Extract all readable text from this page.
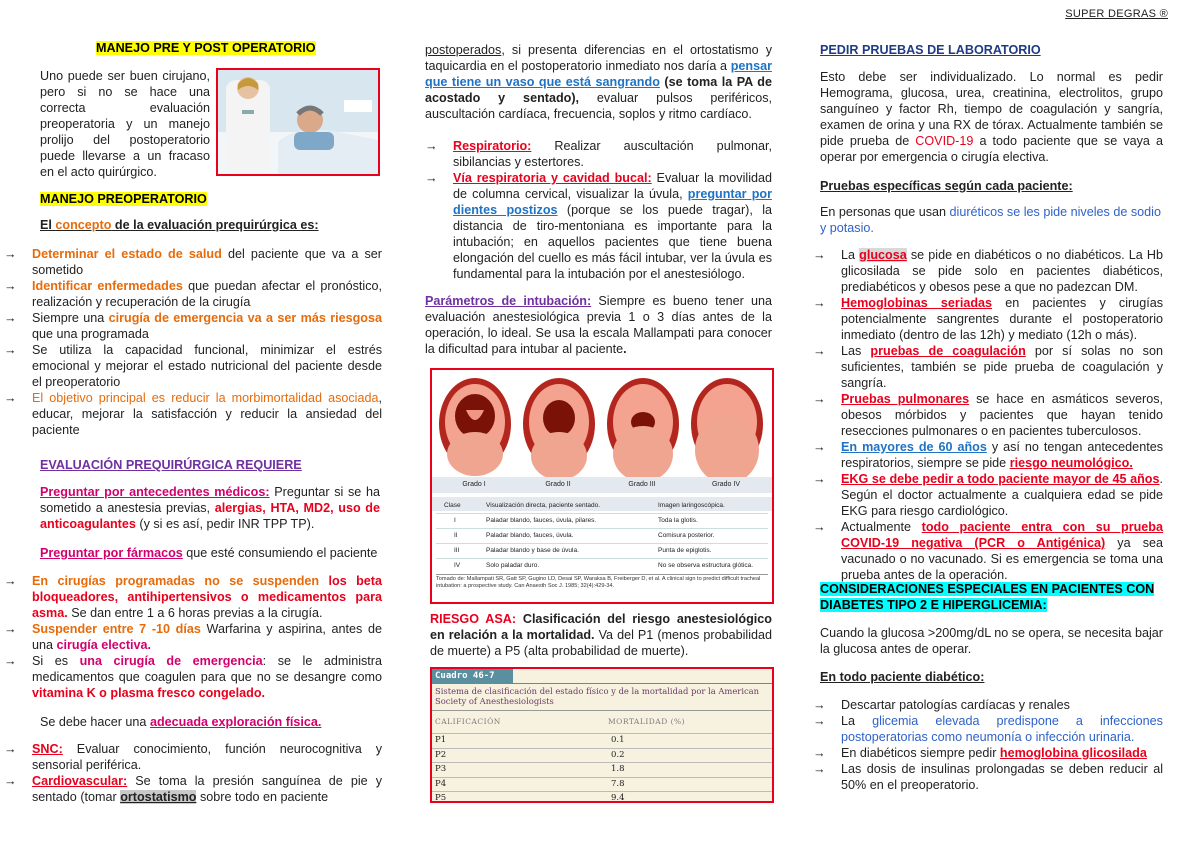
SUPER DEGRAS ®

MANEJO PRE Y POST OPERATORIO

Uno puede ser buen cirujano, pero si no se hace una correcta evaluación preoperatoria y un manejo prolijo del postoperatorio puede llevarse a un fracaso en el acto quirúrgico.

MANEJO PREOPERATORIO

El concepto de la evaluación prequirúrgica es:

→ Determinar el estado de salud del paciente que va a ser sometido
→ Identificar enfermedades que puedan afectar el pronóstico, realización y recuperación de la cirugía
→ Siempre una cirugía de emergencia va a ser más riesgosa que una programada
→ Se utiliza la capacidad funcional, minimizar el estrés emocional y mejorar el estado nutricional del paciente desde el preoperatorio
→ El objetivo principal es reducir la morbimortalidad asociada, educar, mejorar la satisfacción y reducir la ansiedad del paciente

EVALUACIÓN PREQUIRÚRGICA REQUIERE

Preguntar por antecedentes médicos: Preguntar si se ha sometido a anestesia previas, alergias, HTA, MD2, uso de anticoagulantes (y si es así, pedir INR TPP TP).

Preguntar por fármacos que esté consumiendo el paciente

→ En cirugías programadas no se suspenden los beta bloqueadores, antihipertensivos o medicamentos para asma. Se dan entre 1 a 6 horas previas a la cirugía.
→ Suspender entre 7 -10 días Warfarina y aspirina, antes de una cirugía electiva.
→ Si es una cirugía de emergencia: se le administra medicamentos que coagulen para que no se desangre como vitamina K o plasma fresco congelado.

Se debe hacer una adecuada exploración física.

→ SNC: Evaluar conocimiento, función neurocognitiva y sensorial periférica.
→ Cardiovascular: Se toma la presión sanguínea de pie y sentado (tomar ortostatismo sobre todo en paciente

postoperados, si presenta diferencias en el ortostatismo y taquicardia en el postoperatorio inmediato nos daría a pensar que tiene un vaso que está sangrando (se toma la PA de acostado y sentado), evaluar pulsos periféricos, auscultación cardíaca, frecuencia, soplos y ritmo cardíaco.

→ Respiratorio: Realizar auscultación pulmonar, sibilancias y estertores.
→ Vía respiratoria y cavidad bucal: Evaluar la movilidad de columna cervical, visualizar la úvula, preguntar por dientes postizos (porque se los puede tragar), la distancia de tiro-mentoniana es importante para la intubación; en aquellos pacientes que tiene buena elongación del cuello es más fácil intubar, ver la úvula es fundamental para la intubación por el anestesiólogo.

Parámetros de intubación: Siempre es bueno tener una evaluación anestesiológica previa 1 o 3 días antes de la operación, lo ideal. Se usa la escala Mallampati para conocer la dificultad para intubar al paciente.

RIESGO ASA: Clasificación del riesgo anestesiológico en relación a la mortalidad. Va del P1 (menos probabilidad de muerte) a P5 (alta probabilidad de muerte).

Grado I	Grado II	Grado III	Grado IV
Clase	Visualización directa, paciente sentado.	Imagen laringoscópica.
I	Paladar blando, fauces, úvula, pilares.	Toda la glotis.
II	Paladar blando, fauces, úvula.	Comisura posterior.
III	Paladar blando y base de úvula.	Punta de epiglotis.
IV	Solo paladar duro.	No se observa estructura glótica.
Tomado de: Mallampati SR, Gatt SP, Gugino LD, Desai SP, Waraksa B, Freiberger D, et al. A clinical sign to predict difficult tracheal intubation: a prospective study. Can Anaesth Soc J. 1985; 32(4):429-34.
Cuadro 46-7
Sistema de clasificación del estado físico y de la mortalidad por la American Society of Anesthesiologists
CALIFICACIÓN	MORTALIDAD (%)
P1	0.1
P2	0.2
P3	1.8
P4	7.8
P5	9.4

PEDIR PRUEBAS DE LABORATORIO

Esto debe ser individualizado. Lo normal es pedir Hemograma, glucosa, urea, creatinina, electrolitos, grupo sanguíneo y factor Rh, tiempo de coagulación y sangría, examen de orina y una RX de tórax. Actualmente también se pide prueba de COVID-19 a todo paciente que se vaya a operar por emergencia o cirugía electiva.

Pruebas específicas según cada paciente:

En personas que usan diuréticos se les pide niveles de sodio y potasio.

→ La glucosa se pide en diabéticos o no diabéticos. La Hb glicosilada se pide solo en pacientes diabéticos, prediabéticos y obesos pese a que no padezcan DM.
→ Hemoglobinas seriadas en pacientes y cirugías potencialmente sangrentes durante el postoperatorio inmediato (dentro de las 12h) y mediato (12h o más).
→ Las pruebas de coagulación por sí solas no son suficientes, también se pide prueba de coagulación y sangría.
→ Pruebas pulmonares se hace en asmáticos severos, obesos mórbidos y pacientes que hayan tenido resecciones pulmonares o en pacientes tuberculosos.
→ En mayores de 60 años y así no tengan antecedentes respiratorios, siempre se pide riesgo neumológico.
→ EKG se debe pedir a todo paciente mayor de 45 años. Según el doctor actualmente a cualquiera edad se pide EKG para riesgo cardiológico.
→ Actualmente todo paciente entra con su prueba COVID-19 negativa (PCR o Antigénica) ya sea vacunado o no vacunado. Si es emergencia se toma una prueba antes de la operación.

CONSIDERACIONES ESPECIALES EN PACIENTES CON DIABETES TIPO 2 E HIPERGLICEMIA:

Cuando la glucosa >200mg/dL no se opera, se necesita bajar la glucosa antes de operar.

En todo paciente diabético:

→ Descartar patologías cardíacas y renales
→ La glicemia elevada predispone a infecciones postoperatorias como neumonía o infección urinaria.
→ En diabéticos siempre pedir hemoglobina glicosilada
→ Las dosis de insulinas prolongadas se deben reducir al 50% en el preoperatorio.
